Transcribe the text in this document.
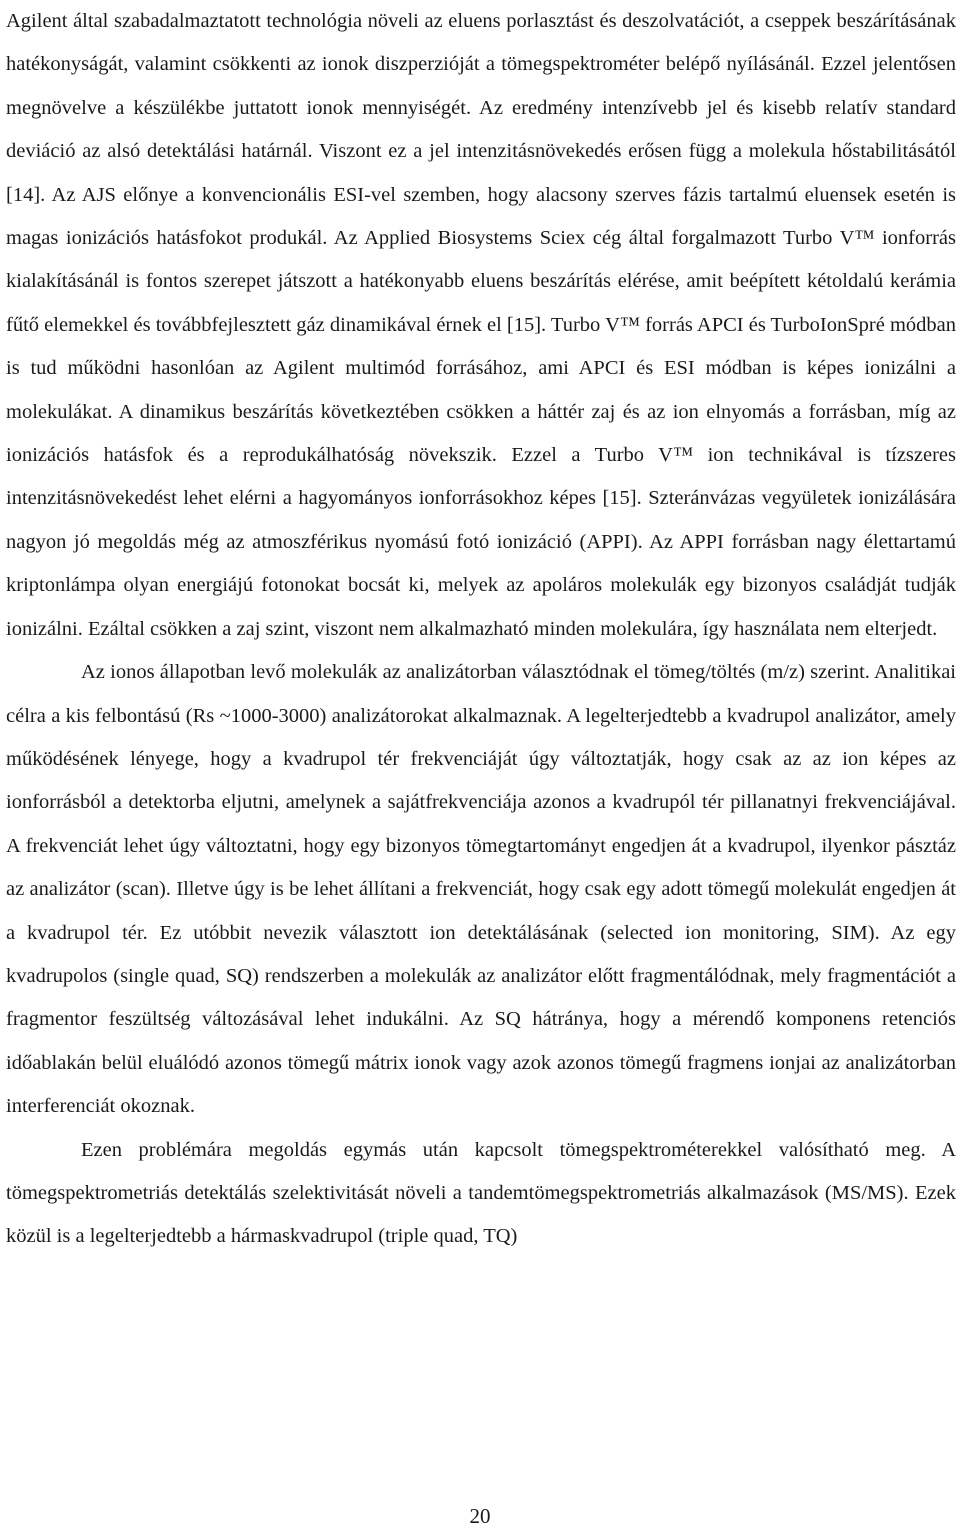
Agilent által szabadalmaztatott technológia növeli az eluens porlasztást és deszolvatációt, a cseppek beszárításának hatékonyságát, valamint csökkenti az ionok diszperzióját a tömegspektrométer belépő nyílásánál. Ezzel jelentősen megnövelve a készülékbe juttatott ionok mennyiségét. Az eredmény intenzívebb jel és kisebb relatív standard deviáció az alsó detektálási határnál. Viszont ez a jel intenzitásnövekedés erősen függ a molekula hőstabilitásától [14]. Az AJS előnye a konvencionális ESI-vel szemben, hogy alacsony szerves fázis tartalmú eluensek esetén is magas ionizációs hatásfokot produkál. Az Applied Biosystems Sciex cég által forgalmazott Turbo V™ ionforrás kialakításánál is fontos szerepet játszott a hatékonyabb eluens beszárítás elérése, amit beépített kétoldalú kerámia fűtő elemekkel és továbbfejlesztett gáz dinamikával érnek el [15]. Turbo V™ forrás APCI és TurboIonSpré módban is tud működni hasonlóan az Agilent multimód forrásához, ami APCI és ESI módban is képes ionizálni a molekulákat. A dinamikus beszárítás következtében csökken a háttér zaj és az ion elnyomás a forrásban, míg az ionizációs hatásfok és a reprodukálhatóság növekszik. Ezzel a Turbo V™ ion technikával is tízszeres intenzitásnövekedést lehet elérni a hagyományos ionforrásokhoz képes [15]. Szteránvázas vegyületek ionizálására nagyon jó megoldás még az atmoszférikus nyomású fotó ionizáció (APPI). Az APPI forrásban nagy élettartamú kriptonlámpa olyan energiájú fotonokat bocsát ki, melyek az apoláros molekulák egy bizonyos családját tudják ionizálni. Ezáltal csökken a zaj szint, viszont nem alkalmazható minden molekulára, így használata nem elterjedt.

Az ionos állapotban levő molekulák az analizátorban választódnak el tömeg/töltés (m/z) szerint. Analitikai célra a kis felbontású (Rs ~1000-3000) analizátorokat alkalmaznak. A legelterjedtebb a kvadrupol analizátor, amely működésének lényege, hogy a kvadrupol tér frekvenciáját úgy változtatják, hogy csak az az ion képes az ionforrásból a detektorba eljutni, amelynek a sajátfrekvenciája azonos a kvadrupól tér pillanatnyi frekvenciájával. A frekvenciát lehet úgy változtatni, hogy egy bizonyos tömegtartományt engedjen át a kvadrupol, ilyenkor pásztáz az analizátor (scan). Illetve úgy is be lehet állítani a frekvenciát, hogy csak egy adott tömegű molekulát engedjen át a kvadrupol tér. Ez utóbbit nevezik választott ion detektálásának (selected ion monitoring, SIM). Az egy kvadrupolos (single quad, SQ) rendszerben a molekulák az analizátor előtt fragmentálódnak, mely fragmentációt a fragmentor feszültség változásával lehet indukálni. Az SQ hátránya, hogy a mérendő komponens retenciós időablakán belül eluálódó azonos tömegű mátrix ionok vagy azok azonos tömegű fragmens ionjai az analizátorban interferenciát okoznak.

Ezen problémára megoldás egymás után kapcsolt tömegspektrométerekkel valósítható meg. A tömegspektrometriás detektálás szelektivitását növeli a tandemtömegspektrometriás alkalmazások (MS/MS). Ezek közül is a legelterjedtebb a hármaskvadrupol (triple quad, TQ)

20
